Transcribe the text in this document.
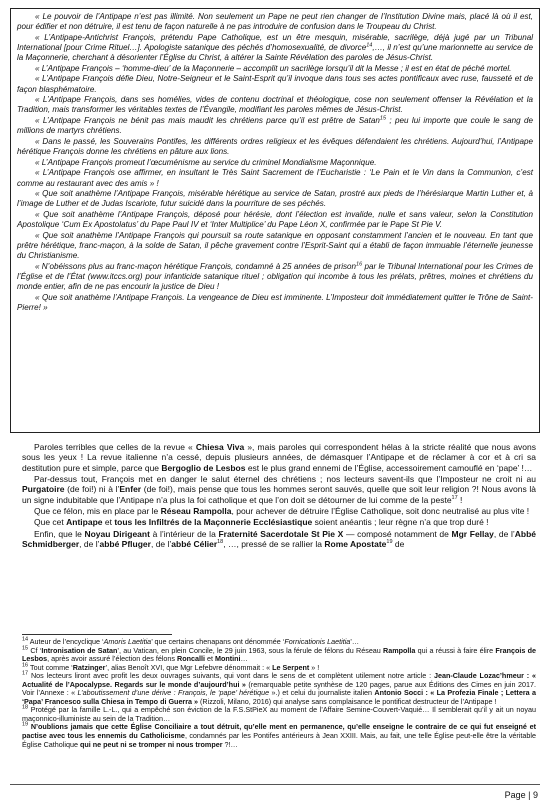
« Le pouvoir de l’Antipape n’est pas illimité. Non seulement un Pape ne peut rien changer de l’Institution Divine mais, placé là où il est, pour édifier et non détruire, il est tenu de façon naturelle à ne pas introduire de confusion dans le Troupeau du Christ.

« L’Antipape-Antichrist François, prétendu Pape Catholique, est un être mesquin, misérable, sacrilège, déjà jugé par un Tribunal International [pour Crime Rituel…]. Apologiste satanique des péchés d’homosexualité, de divorce$^{14}$,…, il n’est qu’une marionnette au service de la Maçonnerie, cherchant à désorienter l’Église du Christ, à altérer la Sainte Révélation des paroles de Jésus-Christ.

« L’Antipape François – ‘homme-dieu’ de la Maçonnerie – accomplit un sacrilège lorsqu’il dit la Messe ; il est en état de péché mortel.

« L’Antipape François défie Dieu, Notre-Seigneur et le Saint-Esprit qu’il invoque dans tous ses actes pontificaux avec ruse, fausseté et de façon blasphématoire.

« L’Antipape François, dans ses homélies, vides de contenu doctrinal et théologique, cose non seulement offenser la Révélation et la Tradition, mais transformer les véritables textes de l’Évangile, modifiant les paroles mêmes de Jésus-Christ.

« L’Antipape François ne bénit pas mais maudit les chrétiens parce qu’il est prêtre de Satan$^{15}$ ; peu lui importe que coule le sang de millions de martyrs chrétiens.

« Dans le passé, les Souverains Pontifes, les différents ordres religieux et les évêques défendaient les chrétiens. Aujourd’hui, l’Antipape hérétique François donne les chrétiens en pâture aux lions.

« L’Antipape François promeut l’œcuménisme au service du criminel Mondialisme Maçonnique.

« L’Antipape François ose affirmer, en insultant le Très Saint Sacrement de l’Eucharistie : ‘Le Pain et le Vin dans la Communion, c’est comme au restaurant avec des amis » !

« Que soit anathème l’Antipape François, misérable hérétique au service de Satan, prostré aux pieds de l’hérésiarque Martin Luther et, à l’image de Luther et de Judas Iscariote, futur suicidé dans la pourriture de ses péchés.

« Que soit anathème l’Antipape François, déposé pour hérésie, dont l’élection est invalide, nulle et sans valeur, selon la Constitution Apostolique ‘Cum Ex Apostolatus’ du Pape Paul IV et ‘Inter Multiplice’ du Pape Léon X, confirmée par le Pape St Pie V.

« Que soit anathème l’Antipape François qui poursuit sa route satanique en opposant constamment l’ancien et le nouveau. En tant que prêtre hérétique, franc-maçon, à la solde de Satan, il pêche gravement contre l’Esprit-Saint qui a établi de façon immuable l’éternelle jeunesse du Christianisme.

« N’obéissons plus au franc-maçon hérétique François, condamné à 25 années de prison$^{16}$ par le Tribunal International pour les Crimes de l’Église et de l’État (www.itccs.org) pour infanticide satanique rituel ; obligation qui incombe à tous les prélats, prêtres, moines et chrétiens du monde entier, afin de ne pas encourir la justice de Dieu !

« Que soit anathème l’Antipape François. La vengeance de Dieu est imminente. L’Imposteur doit immédiatement quitter le Trône de Saint-Pierre! »

Paroles terribles que celles de la revue « Chiesa Viva », mais paroles qui correspondent hélas à la stricte réalité que nous avons sous les yeux ! La revue italienne n’a cessé, depuis plusieurs années, de démasquer l’Antipape et de réclamer à cor et à cri sa destitution pure et simple, parce que Bergoglio de Lesbos est le plus grand ennemi de l’Église, accessoirement camouflé en ‘pape’ !…

Par-dessus tout, François met en danger le salut éternel des chrétiens ; nos lecteurs savent-ils que l’Imposteur ne croit ni au Purgatoire (de foi!) ni à l’Enfer (de foi!), mais pense que tous les hommes seront sauvés, quelle que soit leur religion ?! Nous avons là un signe indubitable que l’Antipape n’a plus la foi catholique et que l’on doit se détourner de lui comme de la peste$^{17}$ !

Que ce félon, mis en place par le Réseau Rampolla, pour achever de détruire l’Église Catholique, soit donc neutralisé au plus vite !

Que cet Antipape et tous les Infiltrés de la Maçonnerie Ecclésiastique soient anéantis ; leur règne n’a que trop duré !

Enfin, que le Noyau Dirigeant à l’intérieur de la Fraternité Sacerdotale St Pie X — composé notamment de Mgr Fellay, de l’Abbé Schmidberger, de l’abbé Pfluger, de l’abbé Célier$^{18}$, …, pressé de se rallier la Rome Apostate$^{19}$ de

$^{14}$ Auteur de l’encyclique ‘Amoris Laetitia’ que certains chenapans ont dénommée ‘Fornicationis Laetitia’…

$^{15}$ Cf ‘Intronisation de Satan’, au Vatican, en plein Concile, le 29 juin 1963, sous la férule de félons du Réseau Rampolla qui a réussi à faire élire François de Lesbos, après avoir assuré l’élection des félons Roncalli et Montini…

$^{16}$ Tout comme ‘Ratzinger’, alias Benoît XVI, que Mgr Lefebvre dénommait : « Le Serpent » !

$^{17}$ Nos lecteurs liront avec profit les deux ouvrages suivants, qui vont dans le sens de et complètent utilement notre article : Jean-Claude Lozac’hmeur : « Actualité de l’Apocalypse. Regards sur le monde d’aujourd’hui » (remarquable petite synthèse de 120 pages, parue aux Éditions des Cimes en juin 2017. Voir l’Annexe : « L’aboutissement d’une dérive : François, le ‘pape’ hérétique ».) et celui du journaliste italien Antonio Socci : « La Profezia Finale ; Lettera a ‘Papa’ Francesco sulla Chiesa in Tempo di Guerra » (Rizzoli, Milano, 2016) qui analyse sans complaisance le pontificat destructeur de l’Antipape !

$^{18}$ Protégé par la famille L.-L., qui a empêché son éviction de la F.S.StPieX au moment de l’Affaire Semine-Couvert-Vaquié… Il semblerait qu’il y ait un noyau maçonnico-illuministe au sein de la Tradition…

$^{19}$ N’oublions jamais que cette Église Conciliaire a tout détruit, qu’elle ment en permanence, qu’elle enseigne le contraire de ce qui fut enseigné et pactise avec tous les ennemis du Catholicisme, condamnés par les Pontifes antérieurs à Jean XXIII. Mais, au fait, une telle Église peut-elle être la véritable Église Catholique qui ne peut ni se tromper ni nous tromper ?!…

Page | 9
